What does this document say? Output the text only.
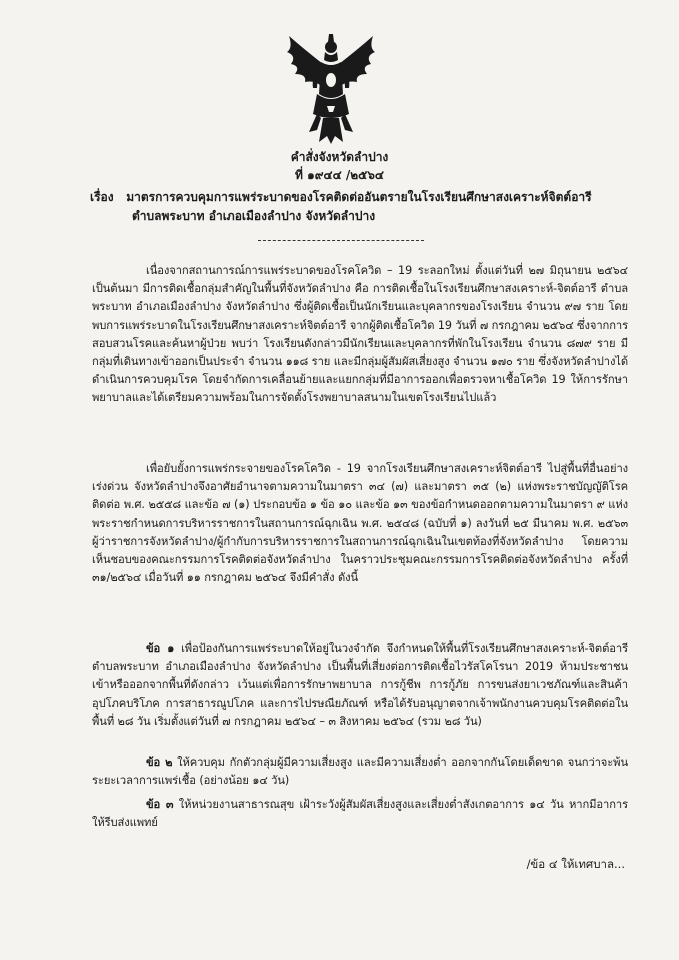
คำสั่งจังหวัดลำปาง
ที่ ๑๙๔๔ /๒๕๖๔
เรื่อง มาตรการควบคุมการแพร่ระบาดของโรคติดต่ออันตรายในโรงเรียนศึกษาสงเคราะห์จิตต์อารี
ตำบลพระบาท อำเภอเมืองลำปาง จังหวัดลำปาง

เนื่องจากสถานการณ์การแพร่ระบาดของโรคโควิด – 19 ระลอกใหม่ ตั้งแต่วันที่ ๒๗ มิถุนายน ๒๕๖๔ เป็นต้นมา มีการติดเชื้อกลุ่มสำคัญในพื้นที่จังหวัดลำปาง คือ การติดเชื้อในโรงเรียนศึกษาสงเคราะห์-จิตต์อารี ตำบลพระบาท อำเภอเมืองลำปาง จังหวัดลำปาง ซึ่งผู้ติดเชื้อเป็นนักเรียนและบุคลากรของโรงเรียน จำนวน ๙๗ ราย โดยพบการแพร่ระบาดในโรงเรียนศึกษาสงเคราะห์จิตต์อารี จากผู้ติดเชื้อโควิด 19 วันที่ ๗ กรกฎาคม ๒๕๖๔ ซึ่งจากการสอบสวนโรคและค้นหาผู้ป่วย พบว่า โรงเรียนดังกล่าวมีนักเรียนและบุคลากรที่พักในโรงเรียน จำนวน ๘๗๙ ราย มีกลุ่มที่เดินทางเข้าออกเป็นประจำ จำนวน ๑๑๘ ราย และมีกลุ่มผู้สัมผัสเสี่ยงสูง จำนวน ๑๗๐ ราย ซึ่งจังหวัดลำปางได้ดำเนินการควบคุมโรค โดยจำกัดการเคลื่อนย้ายและแยกกลุ่มที่มีอาการออกเพื่อตรวจหาเชื้อโควิด 19 ให้การรักษาพยาบาลและได้เตรียมความพร้อมในการจัดตั้งโรงพยาบาลสนามในเขตโรงเรียนไปแล้ว

เพื่อยับยั้งการแพร่กระจายของโรคโควิด - 19 จากโรงเรียนศึกษาสงเคราะห์จิตต์อารี ไปสู่พื้นที่อื่นอย่างเร่งด่วน จังหวัดลำปางจึงอาศัยอำนาจตามความในมาตรา ๓๔ (๗) และมาตรา ๓๕ (๒) แห่งพระราชบัญญัติโรคติดต่อ พ.ศ. ๒๕๕๘ และข้อ ๗ (๑) ประกอบข้อ ๑ ข้อ ๑๐ และข้อ ๑๓ ของข้อกำหนดออกตามความในมาตรา ๙ แห่งพระราชกำหนดการบริหารราชการในสถานการณ์ฉุกเฉิน พ.ศ. ๒๕๔๘ (ฉบับที่ ๑) ลงวันที่ ๒๕ มีนาคม พ.ศ. ๒๕๖๓ ผู้ว่าราชการจังหวัดลำปาง/ผู้กำกับการบริหารราชการในสถานการณ์ฉุกเฉินในเขตท้องที่จังหวัดลำปาง โดยความเห็นชอบของคณะกรรมการโรคติดต่อจังหวัดลำปาง ในคราวประชุมคณะกรรมการโรคติดต่อจังหวัดลำปาง ครั้งที่ ๓๑/๒๕๖๔ เมื่อวันที่ ๑๑ กรกฎาคม ๒๕๖๔ จึงมีคำสั่ง ดังนี้

ข้อ ๑ เพื่อป้องกันการแพร่ระบาดให้อยู่ในวงจำกัด จึงกำหนดให้พื้นที่โรงเรียนศึกษาสงเคราะห์-จิตต์อารี ตำบลพระบาท อำเภอเมืองลำปาง จังหวัดลำปาง เป็นพื้นที่เสี่ยงต่อการติดเชื้อไวรัสโคโรนา 2019 ห้ามประชาชนเข้าหรือออกจากพื้นที่ดังกล่าว เว้นแต่เพื่อการรักษาพยาบาล การกู้ชีพ การกู้ภัย การขนส่งยาเวชภัณฑ์และสินค้าอุปโภคบริโภค การสาธารณูปโภค และการไปรษณียภัณฑ์ หรือได้รับอนุญาตจากเจ้าพนักงานควบคุมโรคติดต่อในพื้นที่ ๒๘ วัน เริ่มตั้งแต่วันที่ ๗ กรกฎาคม ๒๕๖๔ – ๓ สิงหาคม ๒๕๖๔ (รวม ๒๘ วัน)

ข้อ ๒ ให้ควบคุม กักตัวกลุ่มผู้มีความเสี่ยงสูง และมีความเสี่ยงต่ำ ออกจากกันโดยเด็ดขาด จนกว่าจะพ้นระยะเวลาการแพร่เชื้อ (อย่างน้อย ๑๔ วัน)

ข้อ ๓ ให้หน่วยงานสาธารณสุข เฝ้าระวังผู้สัมผัสเสี่ยงสูงและเสี่ยงต่ำสังเกตอาการ ๑๔ วัน หากมีอาการให้รีบส่งแพทย์

/ข้อ ๔ ให้เทศบาล...
